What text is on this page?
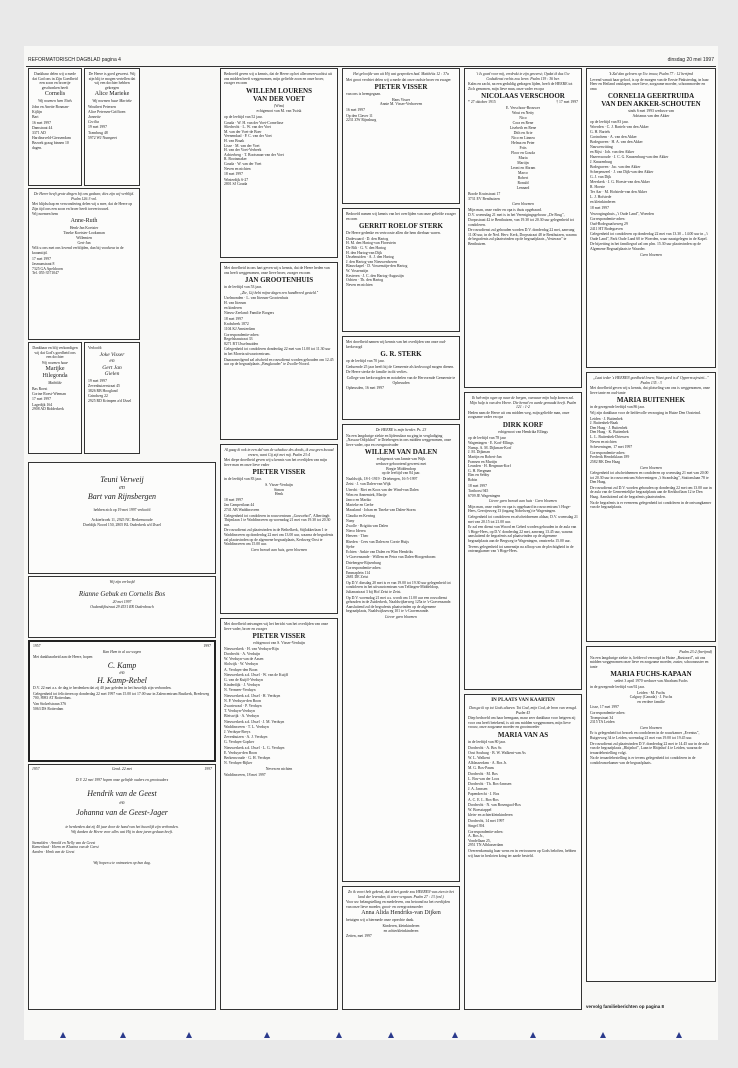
REFORMATORISCH DAGBLAD pagina 4	dinsdag 20 mei 1997

Dankbaar delen wij u mede dat God ons in Zijn Goedheid een zoon en broertje geschonken heeft

Cornelis

Wij noemen hem Niels

John en Anette Bosman-Kijlijn

Bart

16 mei 1997

Damstraat 44
3371 AD
Hardinxveld-Giessendam

Bezoek graag binnen 10 dagen.

De Heere is goed geweest. Wij zijn blij te mogen vertellen dat wij een dochter hebben gekregen

Alice Marieke

Wij noemen haar Marieke

Wouthert Petersen
Alice Petersen-Griffioen

Jannette
Cecilia

19 mei 1997

Trambrug 48
5972 WJ Nunspeet

De Heere heeft grote dingen bij ons gedaan; dies zijn wij verblijd. Psalm 126:3 vnl.

Met blijdschap en verwondering delen wij u mee, dat de Heere op Zijn tijd ons een zoon en broer heeft toevertrouwd.

Wij noemen hem

Anne-Ruth

Henk-Jan Koetsier
Tineke Koetsier-Looksman

Willemien
Gert-Jan

Wilt u ons met ons lovend verblijden, dan bij voorkeur in de kraamtijd.

17 mei 1997

Jasmunstraat 8
7325 GA Apeldoorn
Tel. 055-3571047

Dankbaar en blij verkondigen wij dat God's goedheid ons een dochter

Wij noemen haar

Marijke
Hilegonda

Mathilde

Bas Roest
Corine Roest-Wieman

17 mei 1997

Lagedijk 164
2908 AD Ridderkerk

Verloofd:

Joke Visser
en
Gert Jan
Gielen

19 mei 1997

Zevenhuizerstraat 45
3826 RB Hoogland

Grindweg 22
2925 RD Krimpen a/d IJssel

Teuni Verweij
en
Bart van Rijnsbergen

hebben zich op 19 mei 1997 verloofd

Ackterbroek 11, 2925 NC Berkenwoude
Doeldijk Noord 150, 2805 BL Ouderkerk a/d IJssel

Wij zijn verloofd

Rianne Gebuk en Cornelis Bos

20 mei 1997

Oudendijkstraat 29 4531 RR Oudenbosch

1957	1997

Kan Hem in al uw wegen

Met dankbaarheid aan de Heere, hopen

C. Kamp
en
H. Kamp-Rebel

D.V. 22 mei a.s. de dag te herdenken dat zij 40 jaar geleden in het huwelijk zijn verbonden.

Gelegenheid tot feliciteren op donderdag 22 mei 1997 van 15.00 tot 17.00 uur in Zalencentrum Bastkerk, Bredeweg 700, 8983 AT Rotterdam.

Van Stolzelstraan 376
5063 DS Rotterdam

1957	Gend. 22 mei	1997

D.V. 22 mei 1997 hopen onze geliefde ouders en grootouders

Hendrik van de Geest
en
Johanna van de Geest-Jager

te herdenken dat zij 40 jaar door de hand van het huwelijk zijn verbonden.

Wij danken de Heere voor alles wat Hij in deze jaren gedaan heeft.

Stemalden · Arnold en Nelly van de Geest
Kamerlaad · Harm en Klasina van de Geest
Aarden · Henk van de Geest

Wij hopen u te ontmoeten op hun dag.

Bedroefd geven wij u kennis, dat de Heere op het alleronverwachtst uit ons midden heeft weggenomen, mijn geliefde zoon en onze broer, zwager en oom

WILLEM LOURENS
VAN DER VOET

(Wim)

echtgenoot van M. van Twisk

op de leeftijd van 52 jaar.

Gouda · W. H. van der Voet-Cornelisse
Sliedrecht · L. W. van der Voet
M. van der Voet-de Boer
Veenendaal · P. C. van der Voet
H. van Braak
Lisse · M. van der Voet
H. van der Voet-Verbeek
Achterberg · T. Bootsman-van der Voet
R. Bootsmaker
Gouda · W. van der Voet
Neven en nichten

18 mei 1997

Winterdijk 6-27
2801 SJ Gouda

Met droefheid in ons hart geven wij u kennis, dat de Heere heden van ons heeft weggenomen, onze lieve broer, zwager en oom

JAN GROOTENHUIS

in de leeftijd van 53 jaar.

„Zie, Gij hebt mijne dagen een handbreed gesteld."

Uselmonden · L. van Itterum-Grootenhuis
H. van Itterum
en kinderen

Nieuw-Zeeland: Familie Borgers

18 mei 1997

Krabsbeek 1872
1104 KJ Amsterdam

Correspondentie-adres:
Regelshaastraat 33
8271 BT IJsselmuiden

Gelegenheid tot condoleren donderdag 22 mei van 11.00 tot 11.30 uur in het Moreia uitvaartcentrum.

Daaraanvolgend zal afscheid en rouwdienst worden gehouden om 12.45 uur op de begraafplaats „Beugkouder" te Zwolle-Noord.

Al gaag ik ook in een dal van de schaduw des doods, ik zou geen kwaad vrezen, want Gij zijt met mij. Psalm 23:4

Met diepe droefheid geven wij u kennis van het overlijden van mijn lieve man en onze lieve vader

PIETER VISSER

in de leeftijd van 83 jaar.

S. Visser-Verduijn
Simon
Henk

18 mei 1997

Jan Campertlaan 44
2741 AB Waddinxveen

Gelegenheid tot condoleren in rouwcentrum „Gouwehof", Albertingh Thijmlaan 1 te Waddinxveen op woensdag 21 mei van 19.30 tot 20.30 uur.

De rouwdienst zal plaatsvinden in de Bethelkerk, Stijlakkerlaan 1 te Waddinxveen op donderdag 22 mei om 13.00 uur, waarna de begrafenis zal plaatsvinden op de algemene begraafplaats, Kerkweg-Oost te Waddinxveen om 15.00 uur.

Geen bezoek aan huis, geen bloemen

Met droefheid ontvangen wij het bericht van het overlijden van onze lieve vader, broer en zwager

PIETER VISSER

echtgenoot van S. Visser-Verduijn

Nieuwerkerk · H. van Verduyn-Rijn
Dordrecht · A. Verduijn
W. Verduyn-van de Aasen
Slolwijk · W. Verduyn
A. Verduyn-den Boon
Nieuwerkerk a.d. IJssel · W. van de Kuijff
G. van de Kuijff-Verduyn
Kinderdijk · J. Verduyn
N. Vermeer-Verduyn
Nieuwerkerk a.d. IJssel · H. Verduyn
N. P. Verduyn-den Boon
Zwartewaal · P. Verduyn
T. Verduyn-Verduyn
Bleiswijk · A. Verduyn
Nieuwerkerk a.d. IJssel · J. M. Verduyn
Waddinxveen · T. L. Verduyn
J. Verduyn-Breys
Zevenhuizen · A. J. Verduyn
G. Verduyn-Gopker
Nieuwerkerk a.d. IJssel · L. G. Verduyn
E. Verduyn-den Boon
Berkenwoude · G. H. Verduyn
N. Verduyn-Rijker

Neven en nichten

Waddinxveen, 18 mei 1997

Het geloofde van uit Hij wat gesproken had. Matthéüs 12 : 37a

Met groot verdriet delen wij u mede dat onze oudste broer en zwager

PIETER VISSER

van ons is heengegaan.

Hans Visser
Annie M. Visser-Verhoeven

16 mei 1997

Op den Claver 11
2231 ZW Rijnsburg

Bedroefd namen wij kennis van het overlijden van onze geliefde zwager en oom

GERRIT ROELOF STERK

De Heere gedenke en vertrooste allen die hem dierbaar waren.

Dodewaard · D. den Hartog
H. M. den Hartog-van Florestein
De Bilt · G. V. den Hartog
H. den Hartog-van Dijk
IJsselmuiden · A. J. den Hartog
J. den Hartog-van Nieuwenhoven
Blauwkapel · D. Vossenstijn-den Hartog
W. Vossenstijn
Kesteren · J. C. den Hartog-Augustijn
Ochten · Th. den Hartog
Neven en nichten

Met droefheid namen wij kennis van het overlijden van onze oud-kerkvoogd

G. R. STERK

op de leeftijd van 70 jaar.

Gedurende 25 jaar heeft hij de Gemeente als kerkvoogd mogen dienen.

De Heere sterke de familie in dit verlies.

College van kerkvoogden en notabelen van de Hervormde Gemeente te Opheusden

Opheusden, 16 mei 1997

De HEERE is mijn herder. Ps. 23

Na een langdurige ziekte en lijdensdaar nu ging in vergladiging „Nassau-Odijckhof" te Driebergen in ons midden weggenomen, onze lieve vader, opa en overgrootvader

WILLEM VAN DALEN

echtgenoot van Jannie van Wijk
weduwe geboortend geweest met
Bregie Middendorp
op de leeftijd van 84 jaar.

Naaldwijk, 18-1-1919 · Driebergen, 16-5-1997

Zeist · J. van Dalen-van Wijk
Utrecht · Riet en Koos van der Wind-van Dalen
Wim en Annemiek, Marije
Janco en Mariko
Marieke en Gerbe
Maasland · Johan en Tineke van Dalen-Storm
Claudia en Kerring
Nuny
Zwolle · Brigitta van Dalen
Nieco Iderea
Heezen · Theo
Rheden · Cees van Dalen en Corrie Huijs
Sjebe
Echten · Ankie van Dalen en Wim Hendriks
's-Gravenzande · Willem en Petra van Dalen-Hoogenboom

Driebergen-Rijsenburg
Correspondentie-adres:
Emmaplein 114
2681 DE Zeist

Op D.V. dinsdag 20 mei is er van 19.00 tot 19.30 uur gelegenheid tot condoleren in het uitvaartcentrum van Tellingen-Middeldorp, Julianastraat 3 bij Hof Zeist te Zeist.

Op D.V. woensdag 21 mei a.s. wordt om 11.00 uur een rouwdienst gehouden in de Zuiderkerk, Naaldwijkerweg 125a te 's-Gravenzande. Aansluitend zal de begrafenis plaatsvinden op de algemene begraafplaats, Naaldwijkseweg 101 te 's-Gravenzande.

Liever geen bloemen

Zo ik voort heb gekend, dat ik het goede zou HEEREN was zien in het land der levenden, ik ware vergaan. Psalm 27 : 13 (vnl.)

Voor uw belangstelling en medeleven, ons betoond na het overlijden van onze lieve moeder, groot- en overgrootmoeder

Anna Alida Hendriks-van Dijken

betuigen wij u hiermede onze oprechte dank.

Kinderen, kleinkinderen
en achterkleinkinderen

Zetten, mei 1997

't Is goed voor mij, verdrukt te zijn geweest; Opdat ik dus Uw Godsdienst rechts zou leren. Psalm 119 : 36 ber.

Kalm en zacht, na een geduldig gedragen lijden, heeft de HEERE tot Zich genomen, mijn lieve man, onze vader en opa

NICOLAAS VERSCHOOR
* 27 oktober 1915	† 17 mei 1997

E. Verschoor-Brouwer
Wout en Netty
Nico
Cora en Rene
Lisebeth en Rene
Dith en Arie
Nico en Linnea
Helma en Peter
Frits
Floor en Gouda
Maria
Martijn
Leoni en Abram
Marco
Robert
Ronald
Lennard

Boode Kruisstraat 17
3731 EV Benthuizen

Geen bloemen

Mijn man, onze vader en opa is thuis opgebaard.

D.V. woensdag 21 mei is in het Verenigingsgebouw „De Brug", Dorpsstraat 42 te Benthuizen, van 19.30 tot 20.30 uur gelegenheid tot condoleren.

De rouwdienst zal gehouden worden D.V. donderdag 22 mei, aanvang 11.00 uur, in de Ned. Herv. Kerk, Dorpsstraat 48 te Benthuizen, waarna de begrafenis zal plaatsvinden op de begraafplaats „Vesteraar" te Benthuizen.

Ik heb mijn ogen op naar de bergen, vanwaar mijn hulp komen zal. Mijn hulp is van den Heere. Die hemel en aarde gemaakt heeft. Psalm 121 : 1-2

Heden nam de Heere uit ons midden weg, mijn geliefde man, onze zorgzame vader en opa

DIRK KORF

echtgenoot van Hendrika Ellings

op de leeftijd van 78 jaar

Wageningen · E. Korf-Ellings
Nunsp. A. M. Dijkman-Korf
J. M. Dijkman
Martijn en Robert-Jan
Fransen en Martijn
Leusden · H. Bergman-Korf
G. H. Bergman
Elm en Sebby
Robin

18 mei 1997

Tarthorst 945
6709 JE Wageningen

Liever geen bezoek aan huis · Geen bloemen

Mijn man, onze vader en opa is opgebaard in rouwcentrum 't Hoge-Hees, Geertjesweg 13 (ingang Nobelweg) te Wageningen.

Gelegenheid tot condoleren en afscheidnemen aldaar, D.V. woensdag 21 mei van 20.15 tot 21.00 uur.

Er zal een dienst van Woord en Gebed worden gehouden in de aula van 't Hoge-Hees, op D.V. donderdag 22 mei, aanvang 13.45 uur, waarna aansluitend de begrafenis zal plaatsvinden op de algemene begraafplaats aan de Bergweg te Wageningen, omstreeks 15.00 uur.

Tevens gelegenheid tot samenzijn na afloop van de plechtigheid in de ontvangkamer van 't Hoge-Hees.

IN PLAATS VAN KAARTEN

Dan ga ik op tot Gods altaren. Tot God, mijn God, de bron van vreugd. Psalm 43

Diep bedroefd om haar heengaan, maar zeer dankbaar voor hetgeen zij voor ons heeft betekend, is uit ons midden weggenomen, mijn lieve vrouw, onze zorgzame moeder en grootmoeder

MARIA VAN AS

in de leeftijd van 80 jaar.

Dordrecht · A. Bos Sr.
Oost Souburg · B. W. Walkent-van As
W. L. Walkent
Alblasserdam · A. Bos Jr.
M. G. Bos-Paans
Dordrecht · M. Bos
L. Bos-van der Loos
Dordrecht · Th. Bos-Janssen
J. A. Janssen
Papendrecht · J. Bos
A. C. E. L. Bos-Bos
Dordrecht · N. van Bosengaol-Bos
W. Boesstappel
klein- en achterkleinkinderen

Dordrecht, 14 mei 1997
Singel 394

Correspondentie-adres:
A. Bos Jr.,
Vondellaan 25,
2951 TN Alblasserdam

Overeenkomstig haar wens en in vertrouwen op Gods beloften, hebben wij haar in besloten kring ter aarde besteld.

'k Zal dan geloven op Uw trouw, Psalm 77 : 12 berijmd

Levend vanuit haar geloof, is op de morgen van de Eerste Pinksterdag, in haar Heer en Heiland ontslapen, onze lieve, zorgzame moeder, schoonmoeder en oma

CORNELIA GEERTRUIDA
VAN DEN AKKER-SCHOUTEN

sinds 6 mei 1993 weduwe van
Adrianus van den Akker

op de leeftijd van 83 jaar.

Woerden · C. J. Bartels-van den Akker
G. H. Bartels
Gorinchem · A. van den Akker
Bodegraven · H. A. van den Akker
Nauwerwitting
en Rijst · Joh. van den Akker
Hazerswoude · J. C. G. Knuzenburg-van den Akker
J. Knuzenburg
Bodegraven · Jac. van den Akker
Scherpenzeel · J. van Dijk-van den Akker
G. J. van Dijk
Meerkerk · J. G. Hoeste-van den Akker
R. Hoeste
Ter Aar · M. Hofstede-van den Akker
L. J. Hofstede
en kleinkinderen

18 mei 1997

Verzorgingshuis „'t Oude Land", Woerden

Correspondentie-adres:
Oud-Bodegraafseweg 29
2411 HT Bodegraven

Gelegenheid tot condoleren op donderdag 22 mei van 13.30 – 14.00 uur in „'t Oude Land", Park Oude Land 60 te Woerden, waar naastgelegen in de Kapel.

De bijzetting in het familiegraf zal om plm. 15.30 uur plaatsvinden op de Algemene Begraafplaats te Waarder.

Geen bloemen

„Laat ieder 's HEEREN goedheid loven; Want goed is d' Opperm ajesteit..." Psalm 135 : 3

Met droefheid geven wij u kennis, dat plotseling van ons is weggenomen, onze lieve tante en oud-tante

MARIA BUITENHEK

in de gezegende leeftijd van 86 jaar.

Wij zijn dankbaar voor de liefdevolle verzorging in Huize Den Oosteind.

Leiden · J. Buitenhek
J. Buitenhek-Baak
Den Haag · J. Buitenhek
Den Haag · K. Buitenhek
L. L. Buitenhek-Driessen
Neven en nichten

Scheveningen, 17 mei 1997

Correspondentie-adres:
Frederik Hendriklaan 189
2582 BK Den Haag

Geen bloemen

Gelegenheid tot afscheidnemen en condoleren op woensdag 21 mei van 20.00 tot 20.30 uur in rouwcentrum Scheveningen „'t Strandslag", Stationslaan 78 te Den Haag.

De rouwdienst zal D.V. worden gehouden op donderdag 22 mei om 13.00 uur in de aula van de Gemeentelijke begraafplaats aan de Kerkhoflaan 12 te Den Haag. Aansluitend zal de begrafenis plaatsvinden.

Na de begrafenis is er eveneens gelegenheid tot condoleren in de ontvangkamer van de begraafplaats.

Psalm 23:2 (berijmd)

Na een langdurige ziekte is, liefdevol verzorgd in Huize „Rustoord", uit ons midden weggenomen onze lieve en zorgzame moeder, zuster, schoonzuster en tante

MARIA FUCHS-KAPAAN

sedert 3 april 1970 weduwe van Abraham Fuchs

in de gezegende leeftijd van 92 jaar.

Leiden · M. Fuchs
Calgary (Canada) · J. Fuchs
en verdere familie

Lisse, 17 mei 1997

Correspondentie-adres:
Trompstraat 34
2315 TA Leiden

Geen bloemen

Er is gelegenheid tot bezoek en condoleren in de rouwkamer „Eventus", Ruigerweg 34 te Leiden, woensdag 21 mei van 19.00 tot 19.45 uur.

De rouwdienst zal plaatsvinden D.V. donderdag 22 mei te 14.45 uur in de aula van de begraafplaats „Rhijnhof", Laan te Rhijnhof 4 te Leiden, waarna de teraardebestelling volgt.

Na de teraardebestelling is er tevens gelegenheid tot condoleren in de condoleancekamer van de begraafplaats.

vervolg familieberichten op pagina 8
